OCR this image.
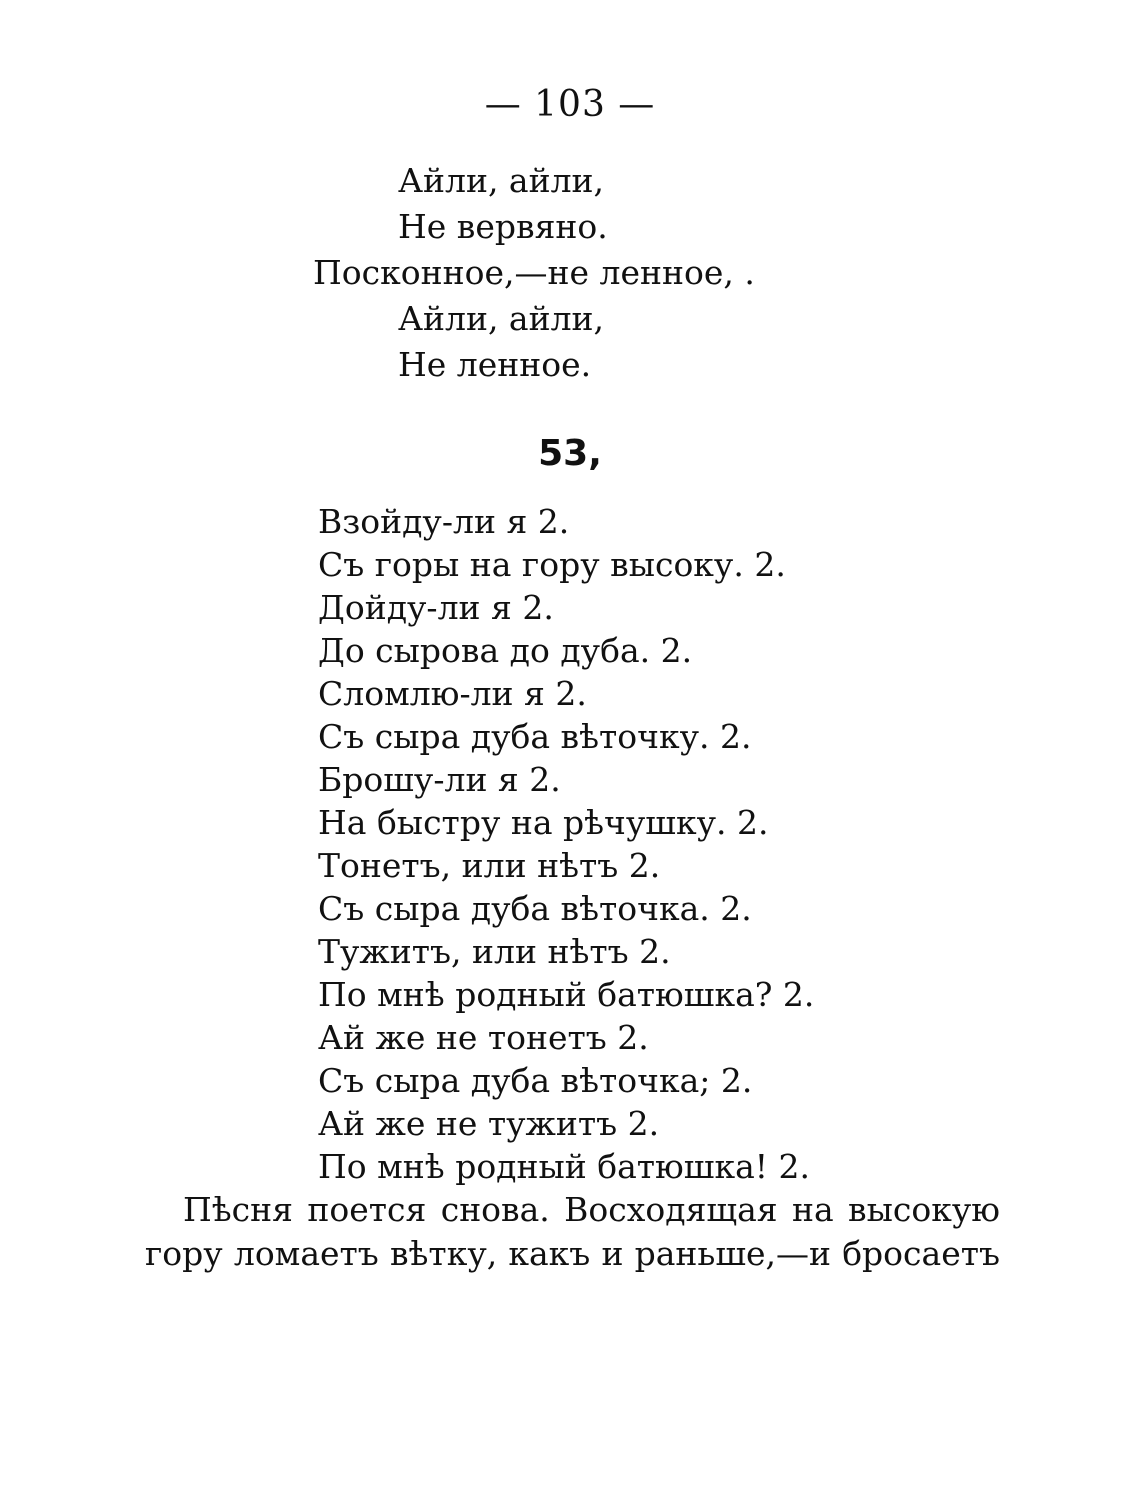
— 103 —
Айли, айли,
Не вервяно.
Посконное,—не ленное, .
Айли, айли,
Не ленное.
53,
Взойду-ли я 2.
Съ горы на гору высоку. 2.
Дойду-ли я 2.
До сырова до дуба. 2.
Сломлю-ли я 2.
Съ сыра дуба вѣточку. 2.
Брошу-ли я 2.
На быстру на рѣчушку. 2.
Тонетъ, или нѣтъ 2.
Съ сыра дуба вѣточка. 2.
Тужитъ, или нѣтъ 2.
По мнѣ родный батюшка? 2.
Ай же не тонетъ 2.
Съ сыра дуба вѣточка; 2.
Ай же не тужитъ 2.
По мнѣ родный батюшка! 2.
Пѣсня поется снова. Восходящая на высокую
гору ломаетъ вѣтку, какъ и раньше,—и бросаетъ
